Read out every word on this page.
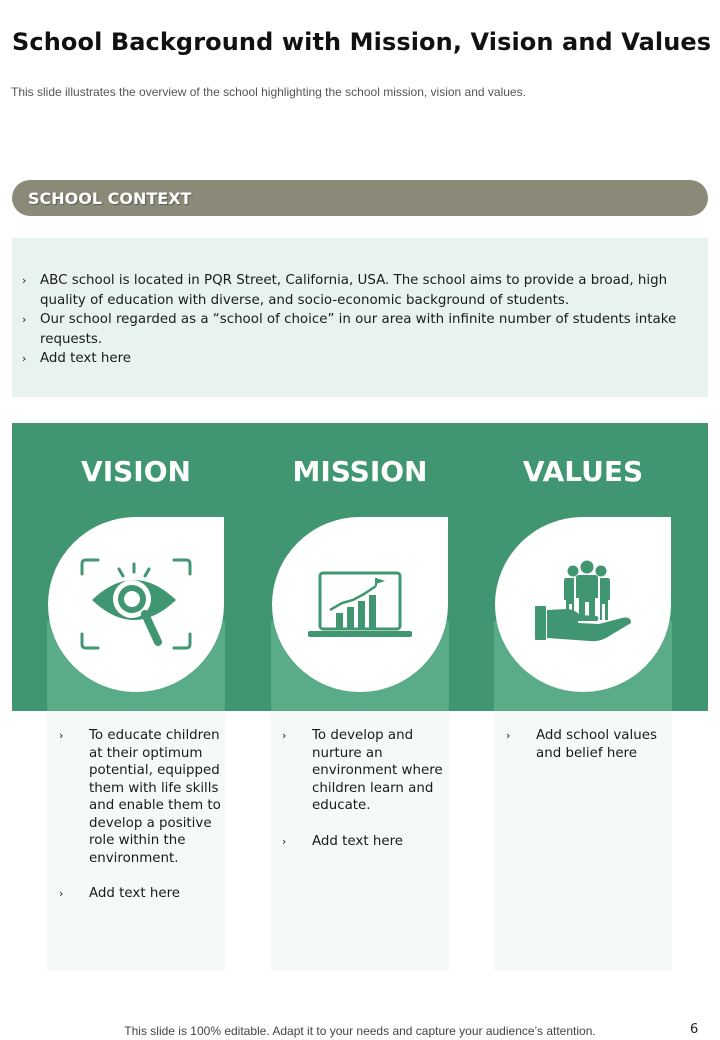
School Background with Mission, Vision and Values
This slide illustrates the overview of the school highlighting the school mission, vision and values.
SCHOOL CONTEXT
› ABC school is located in PQR Street, California, USA. The school aims to provide a broad, high quality of education with diverse, and socio-economic background of students.
› Our school regarded as a “school of choice” in our area with infinite number of students intake requests.
› Add text here
VISION	MISSION	VALUES
› To educate children at their optimum potential, equipped them with life skills and enable them to develop a positive role within the environment.
› Add text here
› To develop and nurture an environment where children learn and educate.
› Add text here
› Add school values and belief here
This slide is 100% editable. Adapt it to your needs and capture your audience’s attention.	6
